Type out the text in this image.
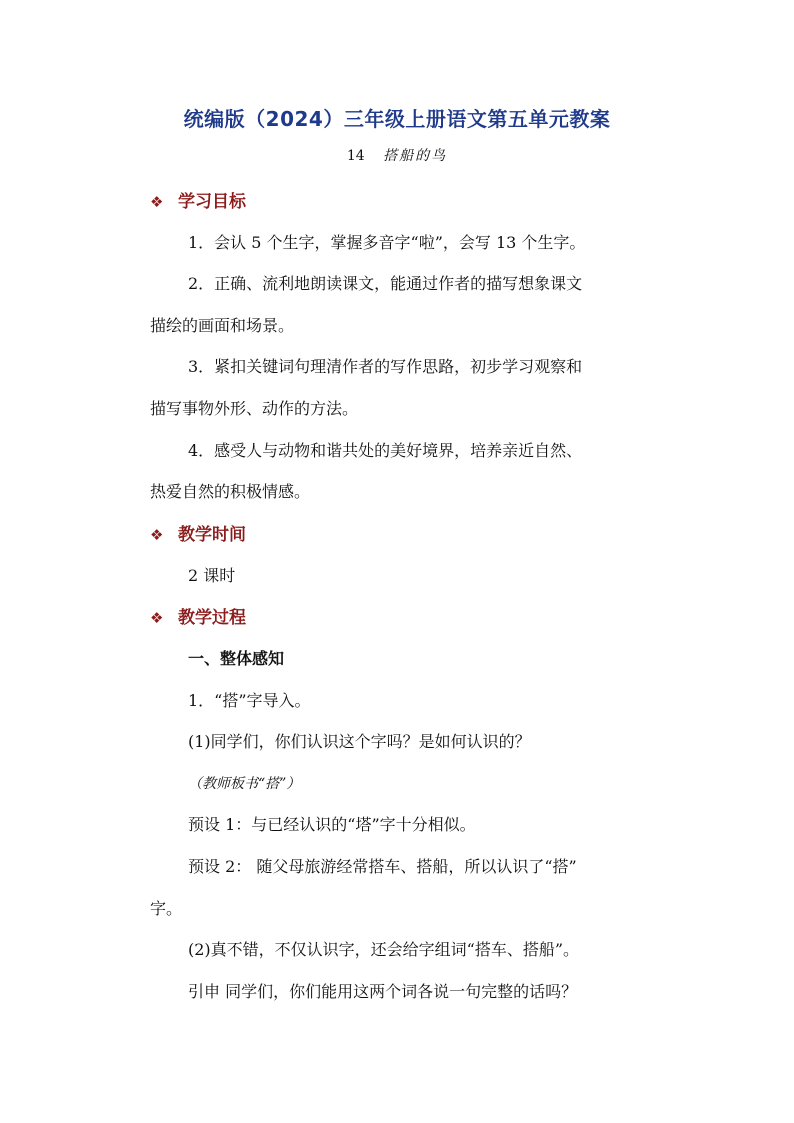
统编版（2024）三年级上册语文第五单元教案
14 搭船的鸟
❖ 学习目标
1．会认 5 个生字，掌握多音字“啦”，会写 13 个生字。
2．正确、流利地朗读课文，能通过作者的描写想象课文
描绘的画面和场景。
3．紧扣关键词句理清作者的写作思路，初步学习观察和
描写事物外形、动作的方法。
4．感受人与动物和谐共处的美好境界，培养亲近自然、
热爱自然的积极情感。
❖ 教学时间
2 课时
❖ 教学过程
一、整体感知
1．“搭”字导入。
(1)同学们，你们认识这个字吗？是如何认识的？
（教师板书“搭”）
预设 1：与已经认识的“塔”字十分相似。
预设 2： 随父母旅游经常搭车、搭船，所以认识了“搭”
字。
(2)真不错，不仅认识字，还会给字组词“搭车、搭船”。
引申 同学们，你们能用这两个词各说一句完整的话吗？
